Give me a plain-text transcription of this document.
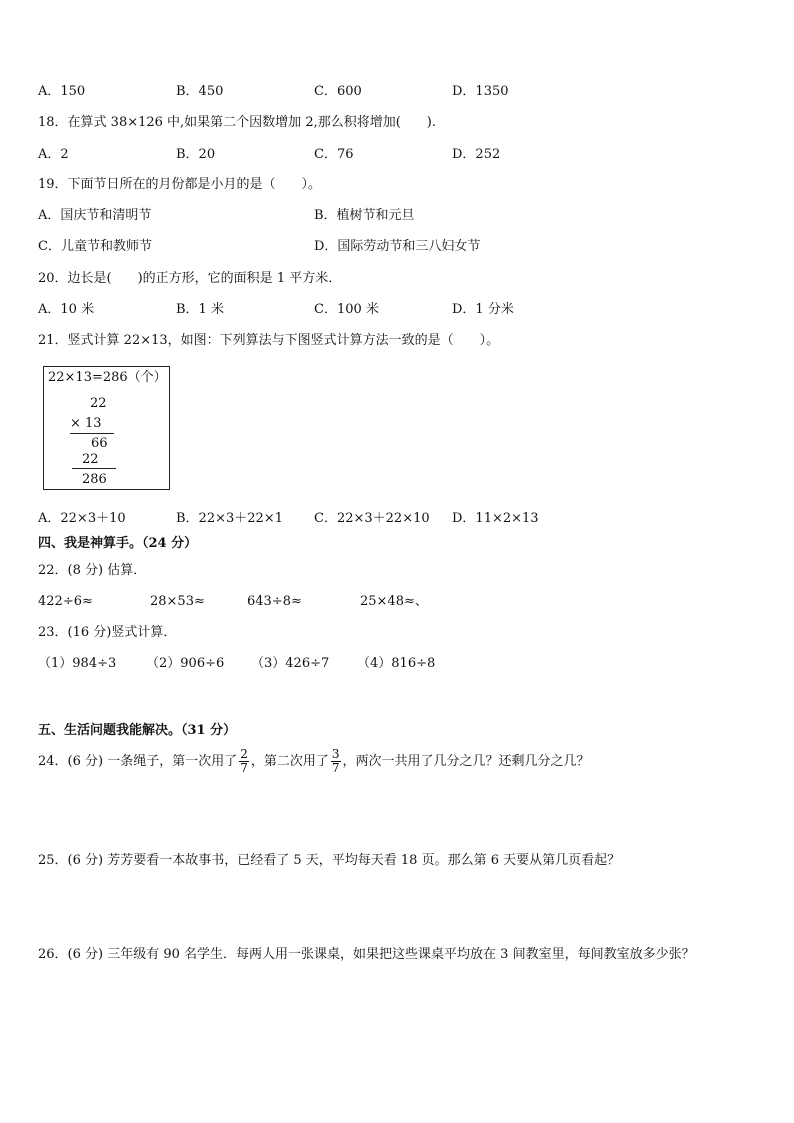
A．150	B．450	C．600	D．1350
18．在算式 38×126 中,如果第二个因数增加 2,那么积将增加(　　).
A．2	B．20	C．76	D．252
19．下面节日所在的月份都是小月的是（　　）。
A．国庆节和清明节	B．植树节和元旦
C．儿童节和教师节	D．国际劳动节和三八妇女节
20．边长是(　　)的正方形，它的面积是 1 平方米．
A．10 米	B．1 米	C．100 米	D．1 分米
21．竖式计算 22×13，如图：下列算法与下图竖式计算方法一致的是（　　）。
22×13=286（个）
22
× 13
66
22
286
A．22×3＋10	B．22×3＋22×1 C．22×3＋22×10 D．11×2×13
四、我是神算手。（24 分）
22．(8 分) 估算．
422÷6≈	28×53≈	643÷8≈	25×48≈、
23．(16 分)竖式计算．
（1）984÷3 （2）906÷6 （3）426÷7 （4）816÷8
五、生活问题我能解决。（31 分）
24．(6 分) 一条绳子，第一次用了 $\frac{2}{7}$ ，第二次用了 $\frac{3}{7}$ ，两次一共用了几分之几？还剩几分之几？
25．(6 分) 芳芳要看一本故事书，已经看了 5 天，平均每天看 18 页。那么第 6 天要从第几页看起？
26．(6 分) 三年级有 90 名学生．每两人用一张课桌，如果把这些课桌平均放在 3 间教室里，每间教室放多少张？
